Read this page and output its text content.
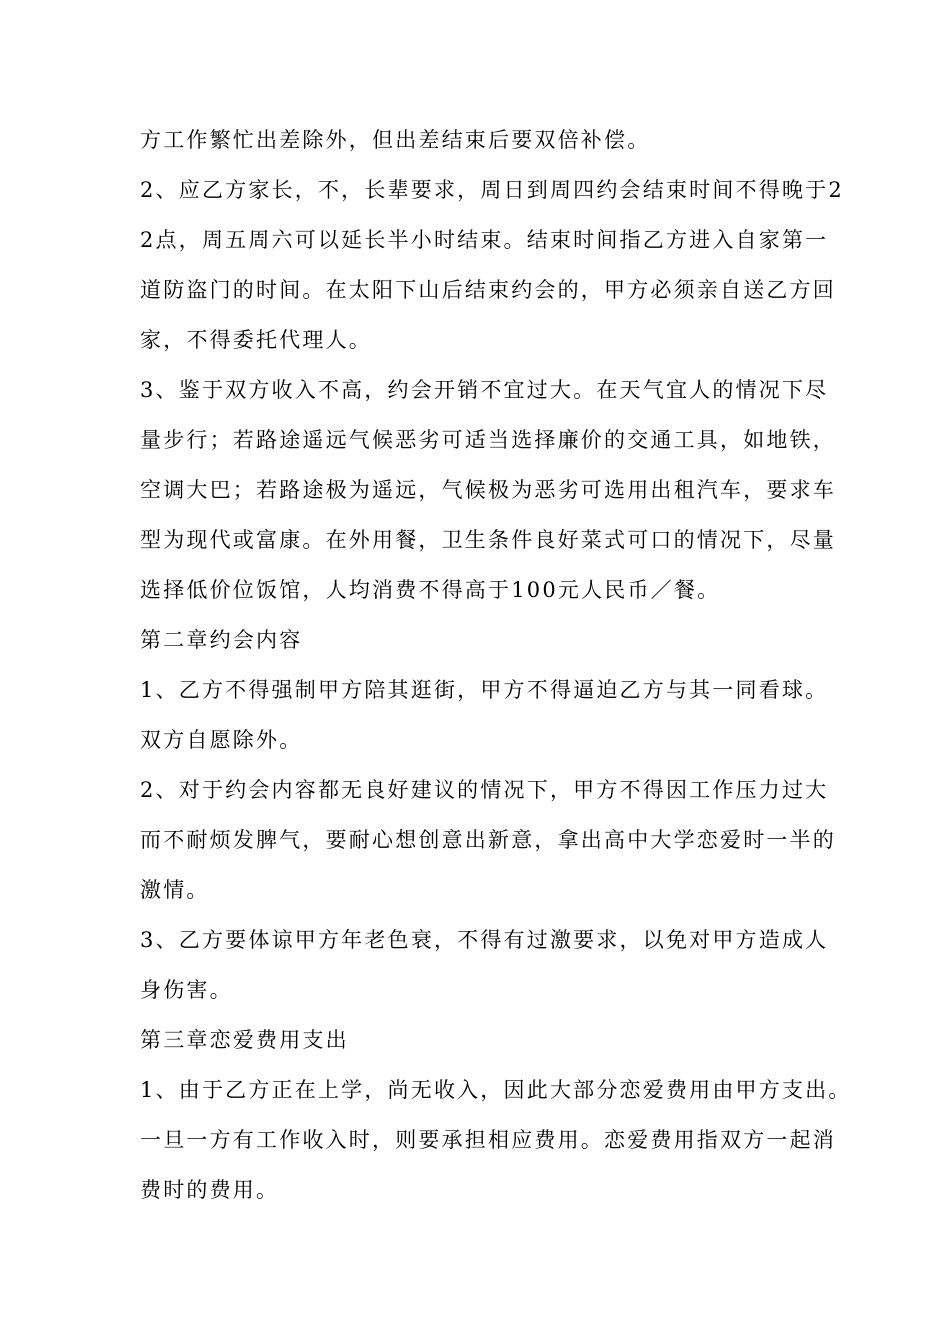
方工作繁忙出差除外，但出差结束后要双倍补偿。

2、应乙方家长，不，长辈要求，周日到周四约会结束时间不得晚于2

2点，周五周六可以延长半小时结束。结束时间指乙方进入自家第一

道防盗门的时间。在太阳下山后结束约会的，甲方必须亲自送乙方回

家，不得委托代理人。

3、鉴于双方收入不高，约会开销不宜过大。在天气宜人的情况下尽

量步行；若路途遥远气候恶劣可适当选择廉价的交通工具，如地铁，

空调大巴；若路途极为遥远，气候极为恶劣可选用出租汽车，要求车

型为现代或富康。在外用餐，卫生条件良好菜式可口的情况下，尽量

选择低价位饭馆，人均消费不得高于100元人民币／餐。

第二章约会内容

1、乙方不得强制甲方陪其逛街，甲方不得逼迫乙方与其一同看球。

双方自愿除外。

2、对于约会内容都无良好建议的情况下，甲方不得因工作压力过大

而不耐烦发脾气，要耐心想创意出新意，拿出高中大学恋爱时一半的

激情。

3、乙方要体谅甲方年老色衰，不得有过激要求，以免对甲方造成人

身伤害。

第三章恋爱费用支出

1、由于乙方正在上学，尚无收入，因此大部分恋爱费用由甲方支出。

一旦一方有工作收入时，则要承担相应费用。恋爱费用指双方一起消

费时的费用。
